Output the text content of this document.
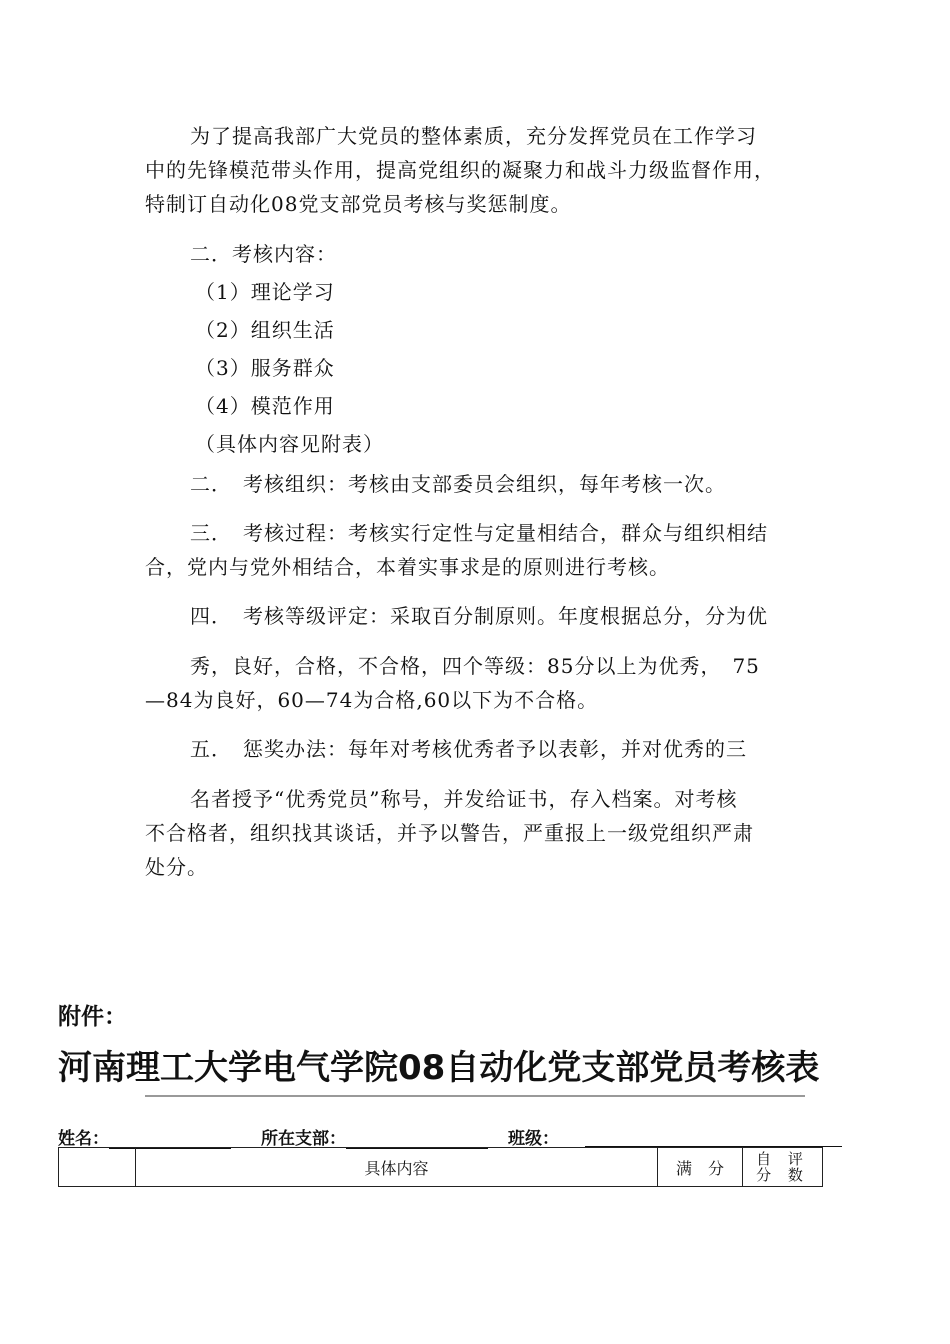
为了提高我部广大党员的整体素质，充分发挥党员在工作学习
中的先锋模范带头作用，提高党组织的凝聚力和战斗力级监督作用，
特制订自动化08党支部党员考核与奖惩制度。
二．考核内容：
（1）理论学习
（2）组织生活
（3）服务群众
（4）模范作用
（具体内容见附表）
二．　考核组织：考核由支部委员会组织，每年考核一次。
三．　考核过程：考核实行定性与定量相结合，群众与组织相结
合，党内与党外相结合，本着实事求是的原则进行考核。
四．　考核等级评定：采取百分制原则。年度根据总分，分为优
秀，良好，合格，不合格，四个等级：85分以上为优秀，　75
—84为良好，60—74为合格,60以下为不合格。
五．　惩奖办法：每年对考核优秀者予以表彰，并对优秀的三
名者授予“优秀党员”称号，并发给证书，存入档案。对考核
不合格者，组织找其谈话，并予以警告，严重报上一级党组织严肃
处分。
附件：
河南理工大学电气学院08自动化党支部党员考核表
姓名：	所在支部：	班级：
	具体内容	满　分	自 评
分 数
